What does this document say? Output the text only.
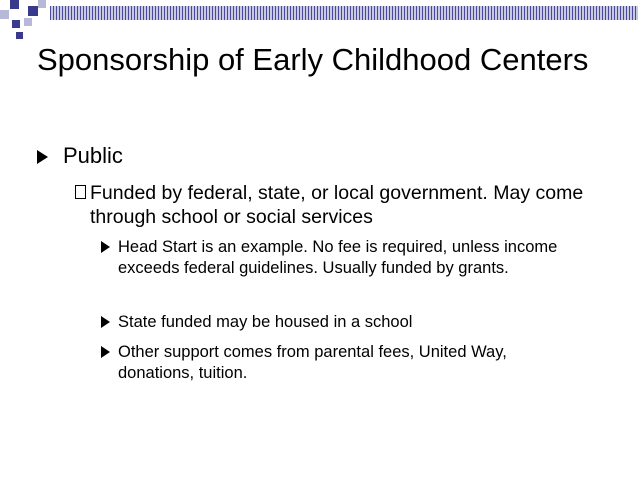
Sponsorship of Early Childhood Centers
Public
Funded by federal, state, or local government. May come through school or social services
Head Start is an example. No fee is required, unless income exceeds federal guidelines. Usually funded by grants.
State funded may be housed in a school
Other support comes from parental fees, United Way, donations, tuition.
